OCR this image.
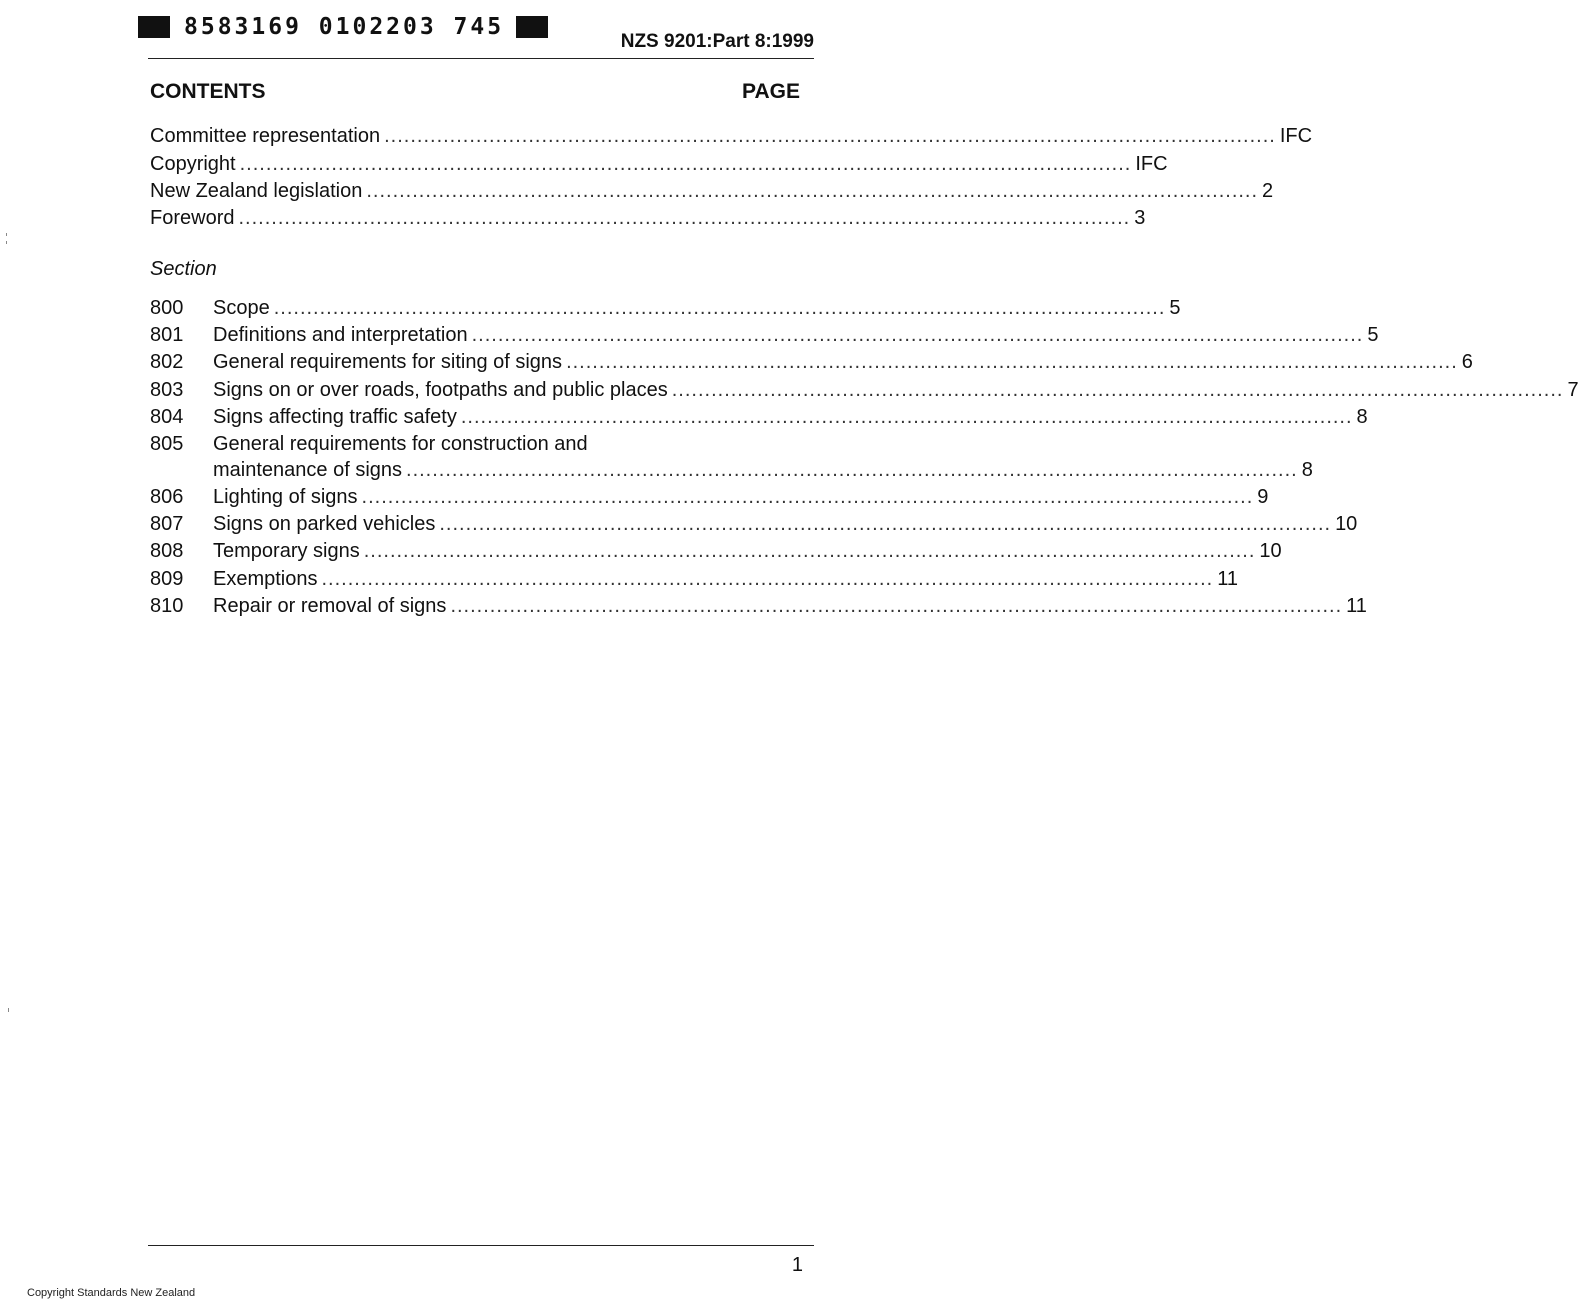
8583169 0102203 745
NZS 9201:Part 8:1999
CONTENTS	PAGE
Committee representation ........................................................................................................................................ IFC
Copyright ........................................................................................................................................ IFC
New Zealand legislation ........................................................................................................................................ 2
Foreword ........................................................................................................................................ 3
Section
800 Scope ........................................................................................................................................ 5
801 Definitions and interpretation ........................................................................................................................................ 5
802 General requirements for siting of signs ........................................................................................................................................ 6
803 Signs on or over roads, footpaths and public places ........................................................................................................................................ 7
804 Signs affecting traffic safety ........................................................................................................................................ 8
805 General requirements for construction and
maintenance of signs ........................................................................................................................................ 8
806 Lighting of signs ........................................................................................................................................ 9
807 Signs on parked vehicles ........................................................................................................................................ 10
808 Temporary signs ........................................................................................................................................ 10
809 Exemptions ........................................................................................................................................ 11
810 Repair or removal of signs ........................................................................................................................................ 11
1
Copyright Standards New Zealand
